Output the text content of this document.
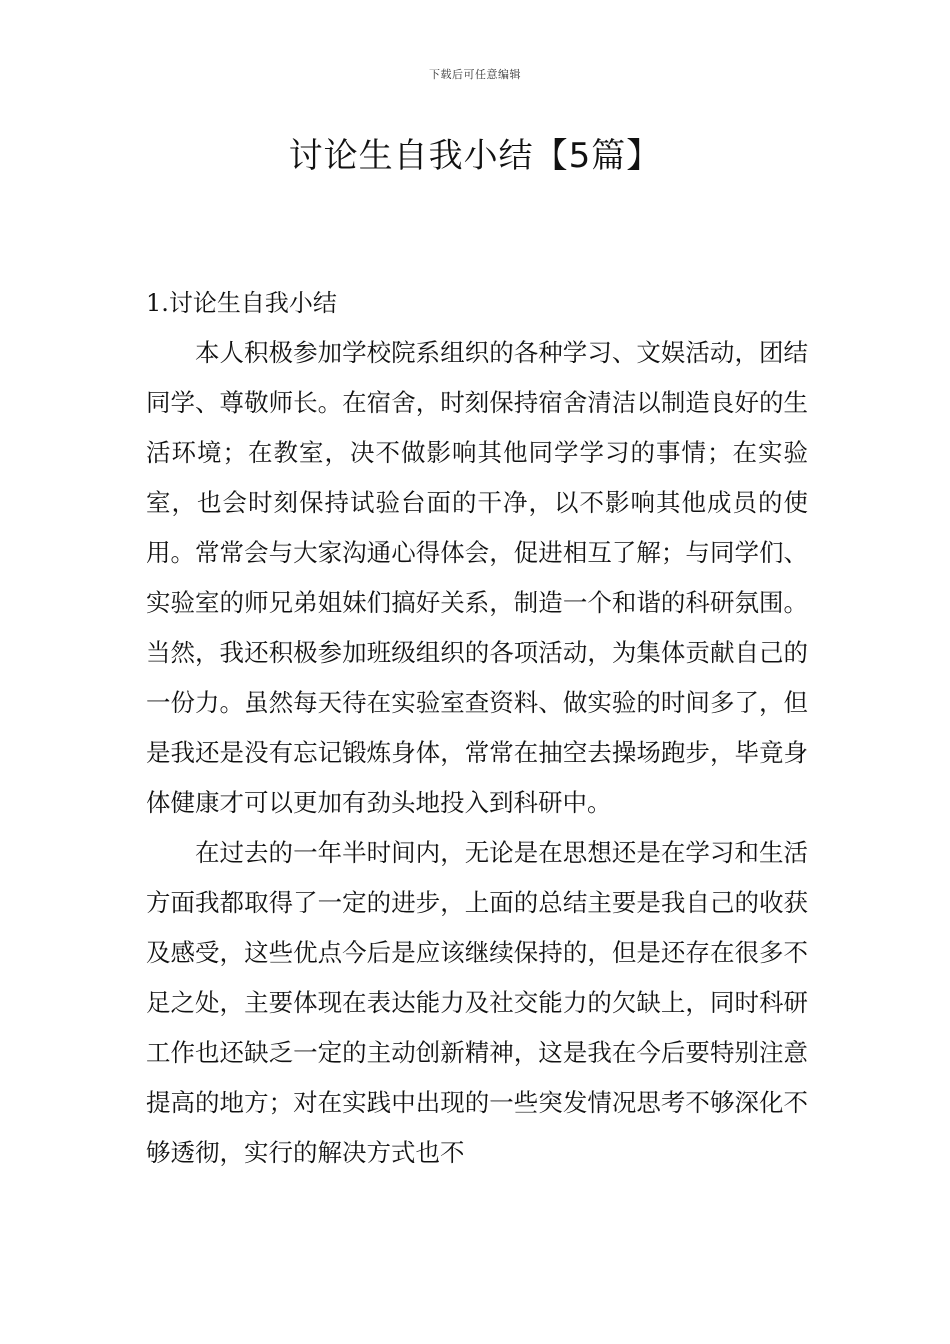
下载后可任意编辑
讨论生自我小结【5篇】
1.讨论生自我小结

本人积极参加学校院系组织的各种学习、文娱活动，团结同学、尊敬师长。在宿舍，时刻保持宿舍清洁以制造良好的生活环境；在教室，决不做影响其他同学学习的事情；在实验室，也会时刻保持试验台面的干净，以不影响其他成员的使用。常常会与大家沟通心得体会，促进相互了解；与同学们、实验室的师兄弟姐妹们搞好关系，制造一个和谐的科研氛围。当然，我还积极参加班级组织的各项活动，为集体贡献自己的一份力。虽然每天待在实验室查资料、做实验的时间多了，但是我还是没有忘记锻炼身体，常常在抽空去操场跑步，毕竟身体健康才可以更加有劲头地投入到科研中。

在过去的一年半时间内，无论是在思想还是在学习和生活方面我都取得了一定的进步，上面的总结主要是我自己的收获及感受，这些优点今后是应该继续保持的，但是还存在很多不足之处，主要体现在表达能力及社交能力的欠缺上，同时科研工作也还缺乏一定的主动创新精神，这是我在今后要特别注意提高的地方；对在实践中出现的一些突发情况思考不够深化不够透彻，实行的解决方式也不
